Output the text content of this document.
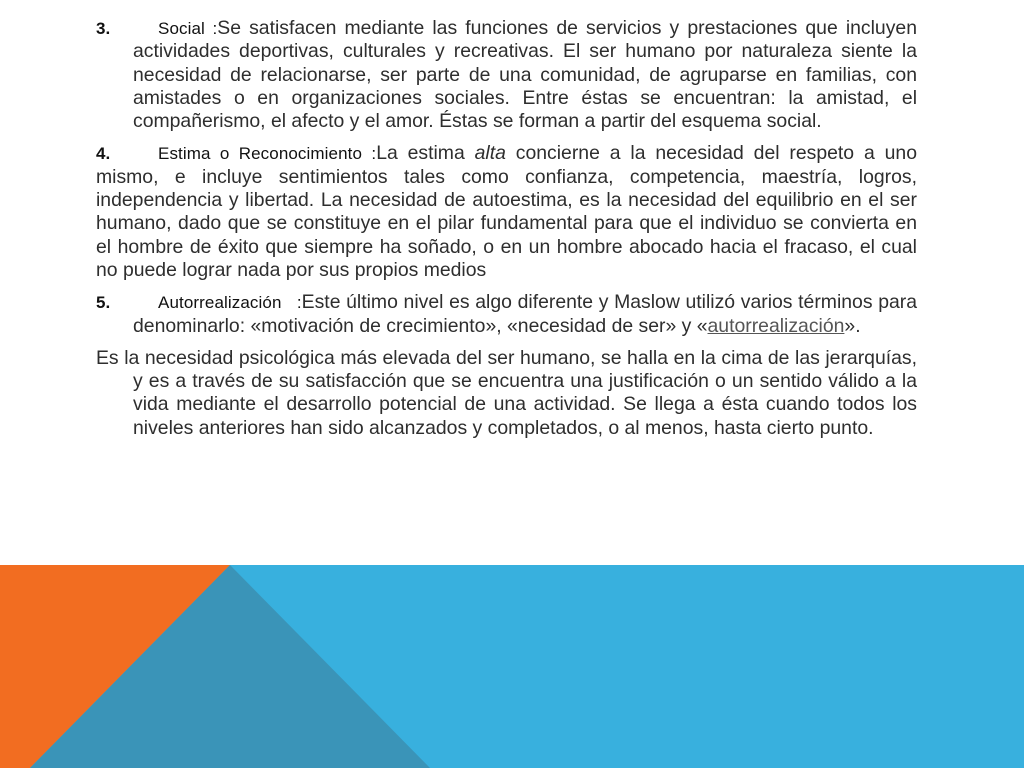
3.	Social :Se satisfacen mediante las funciones de servicios y prestaciones que incluyen actividades deportivas, culturales y recreativas. El ser humano por naturaleza siente la necesidad de relacionarse, ser parte de una comunidad, de agruparse en familias, con amistades o en organizaciones sociales. Entre éstas se encuentran: la amistad, el compañerismo, el afecto y el amor. Éstas se forman a partir del esquema social.

4.	Estima o Reconocimiento :La estima alta concierne a la necesidad del respeto a uno mismo, e incluye sentimientos tales como confianza, competencia, maestría, logros, independencia y libertad. La necesidad de autoestima, es la necesidad del equilibrio en el ser humano, dado que se constituye en el pilar fundamental para que el individuo se convierta en el hombre de éxito que siempre ha soñado, o en un hombre abocado hacia el fracaso, el cual no puede lograr nada por sus propios medios

5.	Autorrealización   :Este último nivel es algo diferente y Maslow utilizó varios términos para denominarlo: «motivación de crecimiento», «necesidad de ser» y «autorrealización».

Es la necesidad psicológica más elevada del ser humano, se halla en la cima de las jerarquías, y es a través de su satisfacción que se encuentra una justificación o un sentido válido a la vida mediante el desarrollo potencial de una actividad. Se llega a ésta cuando todos los niveles anteriores han sido alcanzados y completados, o al menos, hasta cierto punto.
